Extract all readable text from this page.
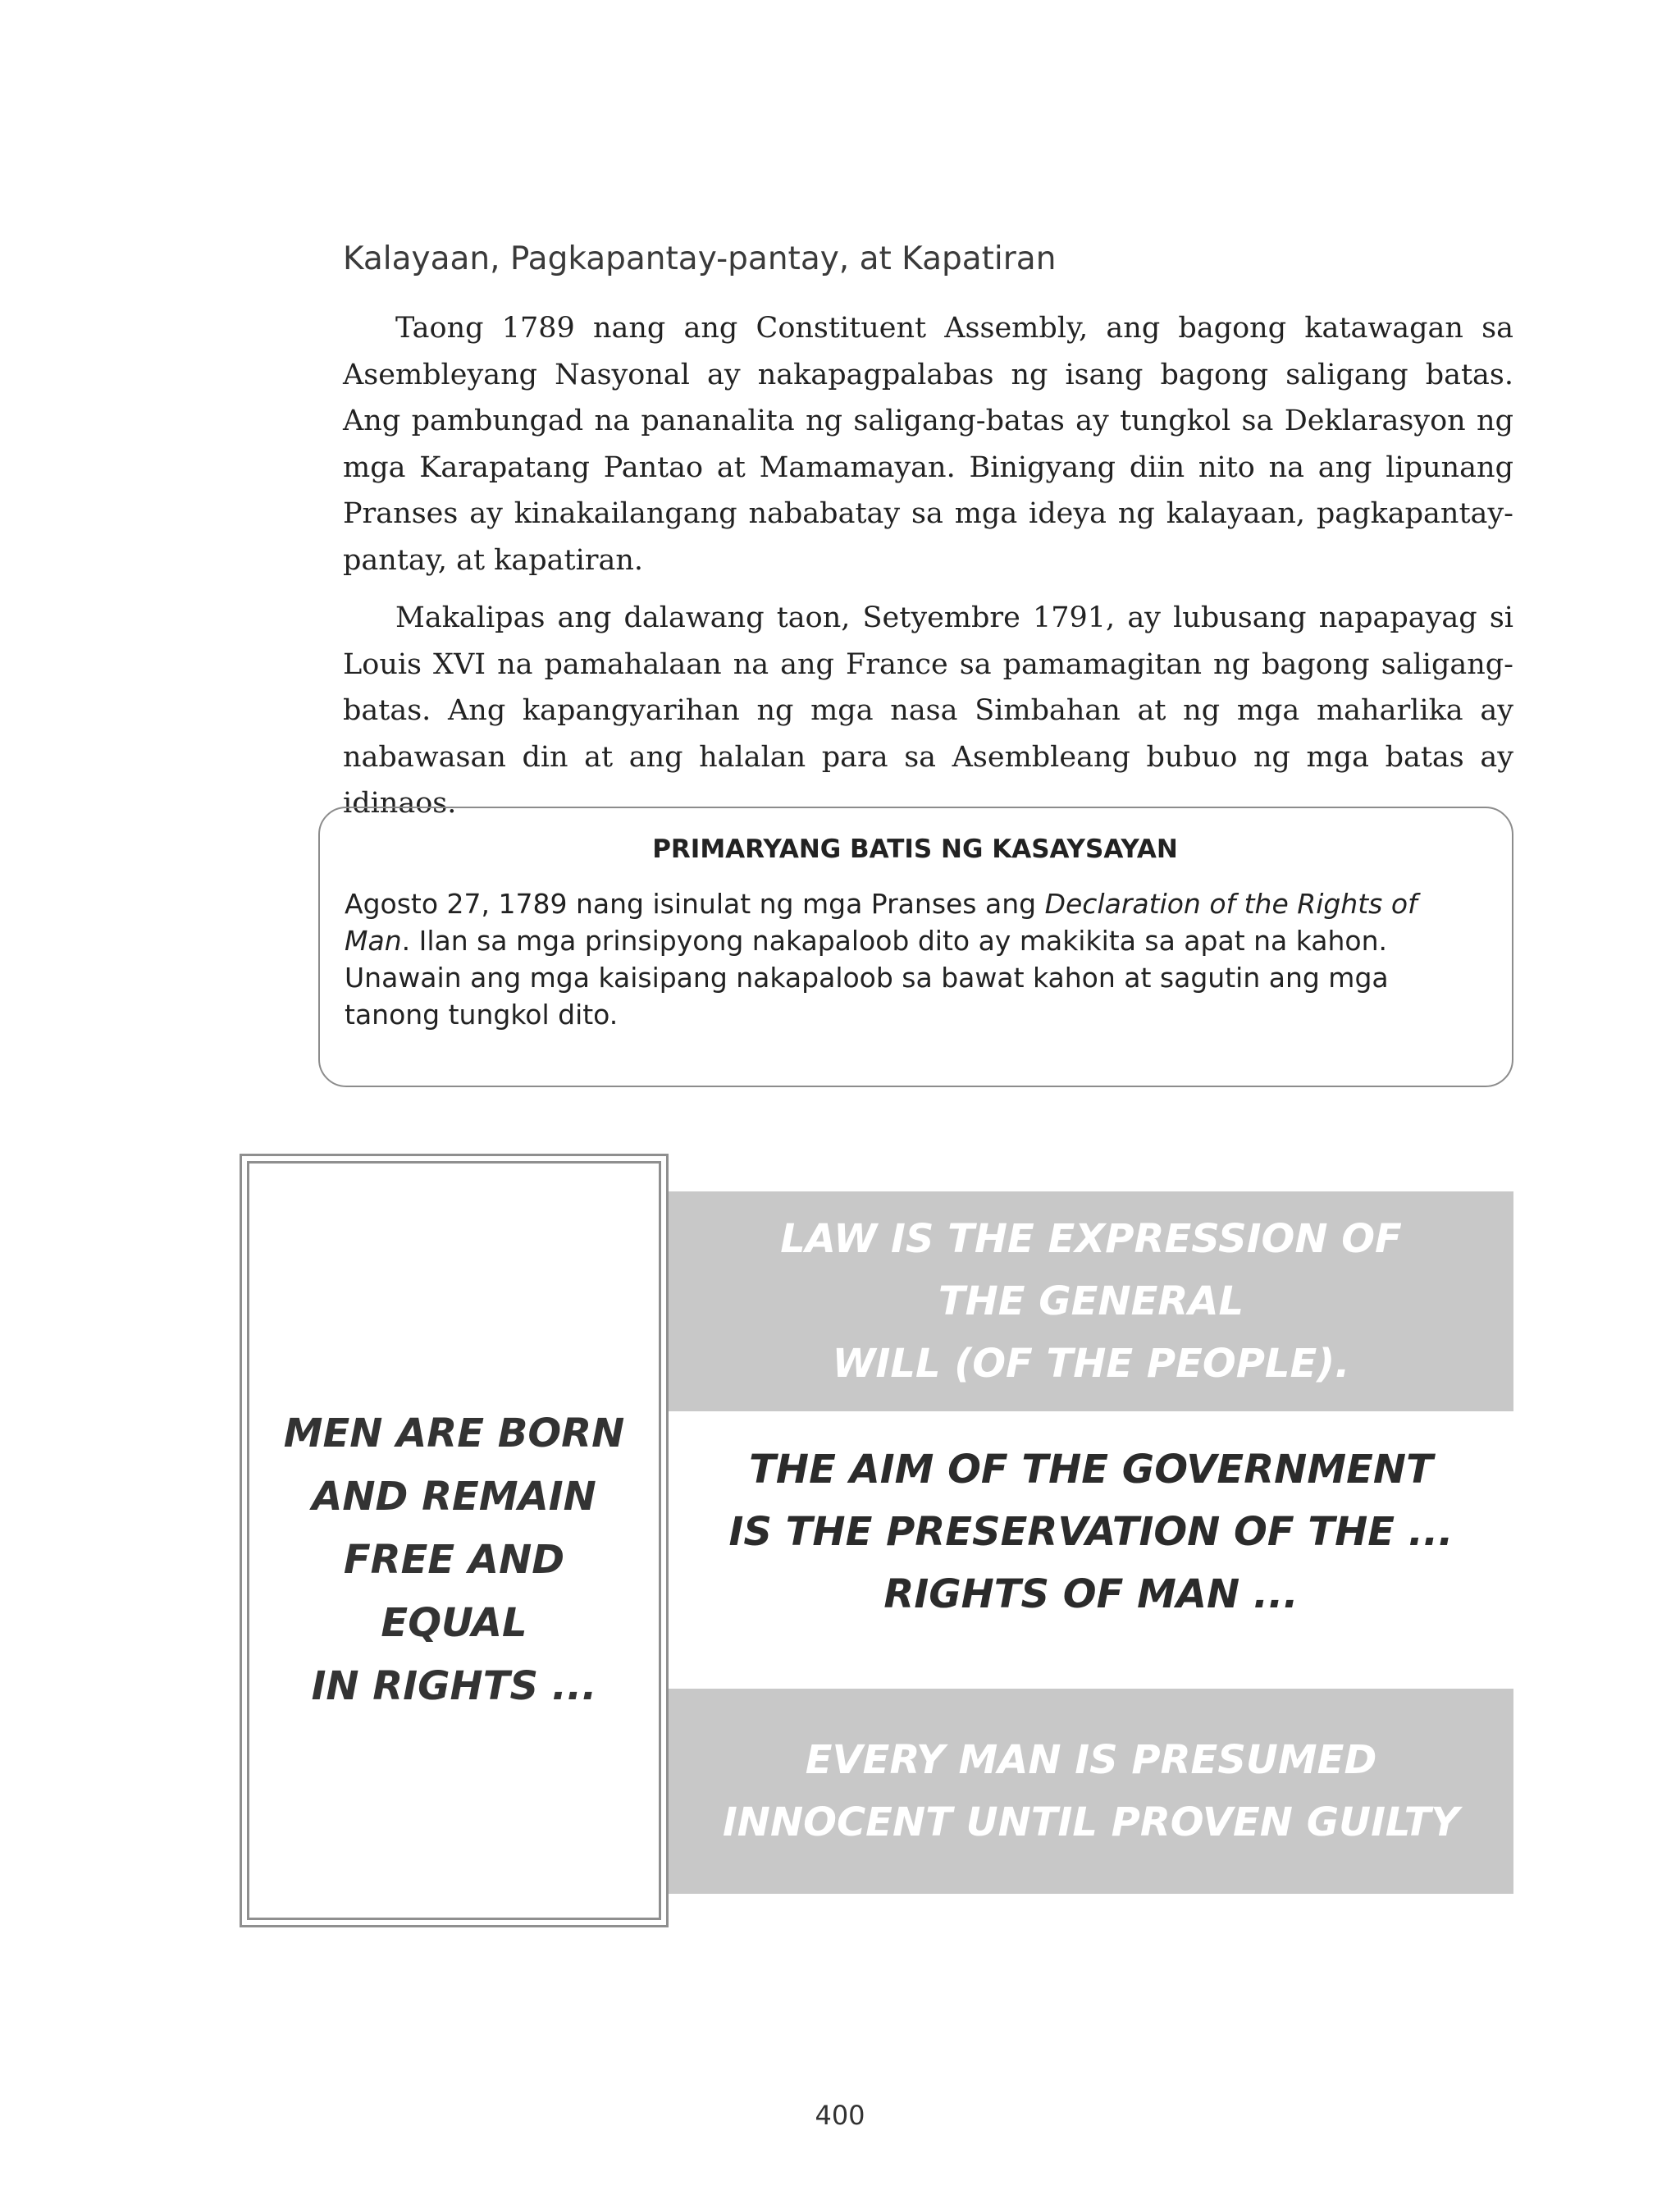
Kalayaan, Pagkapantay-pantay, at Kapatiran

Taong 1789 nang ang Constituent Assembly, ang bagong katawagan sa Asembleyang Nasyonal ay nakapagpalabas ng isang bagong saligang batas. Ang pambungad na pananalita ng saligang-batas ay tungkol sa Deklarasyon ng mga Karapatang Pantao at Mamamayan. Binigyang diin nito na ang lipunang Pranses ay kinakailangang nababatay sa mga ideya ng kalayaan, pagkapantay-pantay, at kapatiran.

Makalipas ang dalawang taon, Setyembre 1791, ay lubusang napapayag si Louis XVI na pamahalaan na ang France sa pamamagitan ng bagong saligang-batas. Ang kapangyarihan ng mga nasa Simbahan at ng mga maharlika ay nabawasan din at ang halalan para sa Asembleang bubuo ng mga batas ay idinaos.

PRIMARYANG BATIS NG KASAYSAYAN

Agosto 27, 1789 nang isinulat ng mga Pranses ang Declaration of the Rights of Man. Ilan sa mga prinsipyong nakapaloob dito ay makikita sa apat na kahon. Unawain ang mga kaisipang nakapaloob sa bawat kahon at sagutin ang mga tanong tungkol dito.

MEN ARE BORN
AND REMAIN
FREE AND
EQUAL
IN RIGHTS ...

LAW IS THE EXPRESSION OF
THE GENERAL
WILL (OF THE PEOPLE).

THE AIM OF THE GOVERNMENT
IS THE PRESERVATION OF THE ...
RIGHTS OF MAN ...

EVERY MAN IS PRESUMED
INNOCENT UNTIL PROVEN GUILTY

400
